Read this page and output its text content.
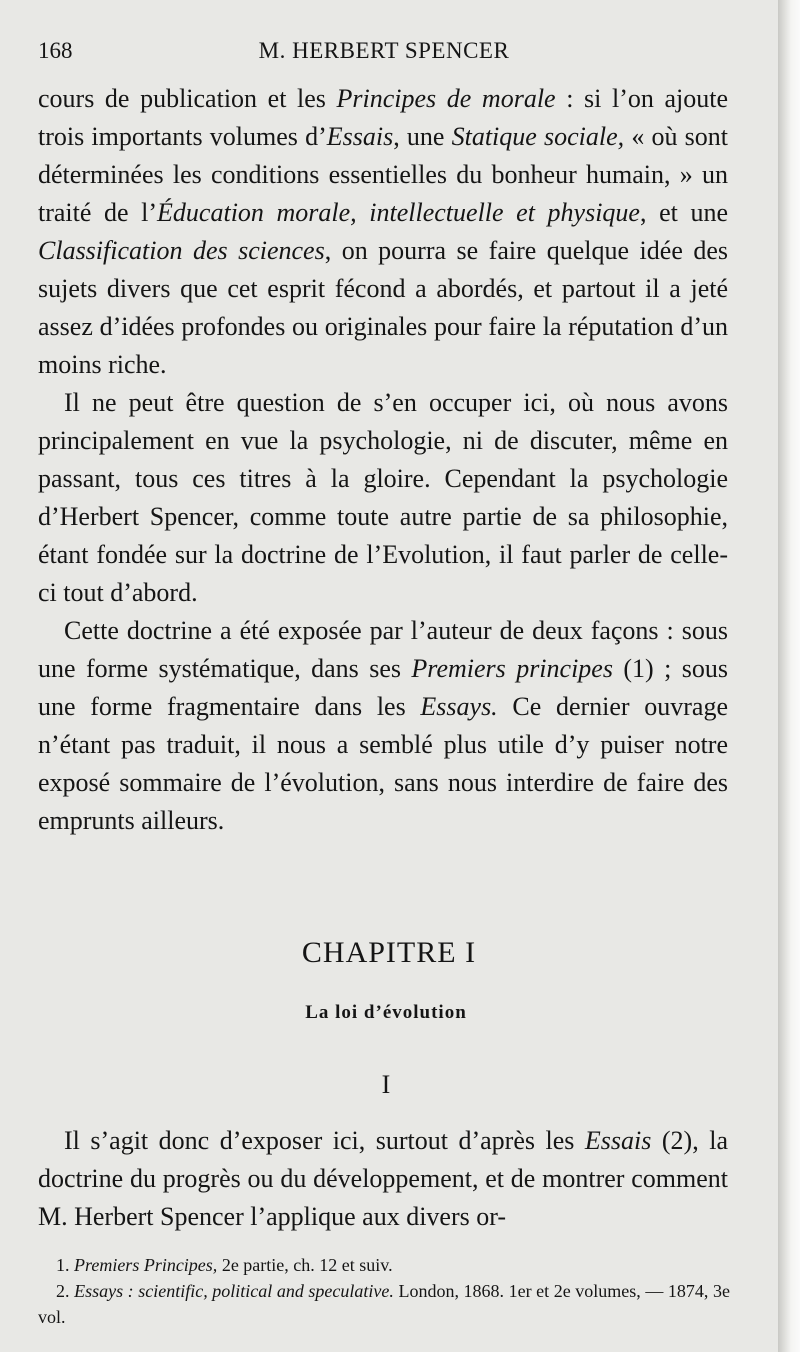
168	M. HERBERT SPENCER

cours de publication et les Principes de morale : si l’on ajoute trois importants volumes d’Essais, une Statique sociale, « où sont déterminées les conditions essentielles du bonheur humain, » un traité de l’Éducation morale, intellectuelle et physique, et une Classification des sciences, on pourra se faire quelque idée des sujets divers que cet esprit fécond a abordés, et partout il a jeté assez d’idées profondes ou originales pour faire la réputation d’un moins riche.

Il ne peut être question de s’en occuper ici, où nous avons principalement en vue la psychologie, ni de discuter, même en passant, tous ces titres à la gloire. Cependant la psychologie d’Herbert Spencer, comme toute autre partie de sa philosophie, étant fondée sur la doctrine de l’Evolution, il faut parler de celle-ci tout d’abord.

Cette doctrine a été exposée par l’auteur de deux façons : sous une forme systématique, dans ses Premiers principes (1) ; sous une forme fragmentaire dans les Essays. Ce dernier ouvrage n’étant pas traduit, il nous a semblé plus utile d’y puiser notre exposé sommaire de l’évolution, sans nous interdire de faire des emprunts ailleurs.

CHAPITRE I
La loi d’évolution
I

Il s’agit donc d’exposer ici, surtout d’après les Essais (2), la doctrine du progrès ou du développement, et de montrer comment M. Herbert Spencer l’applique aux divers or-

1. Premiers Principes, 2e partie, ch. 12 et suiv.

2. Essays : scientific, political and speculative. London, 1868. 1er et 2e volumes, — 1874, 3e vol.
